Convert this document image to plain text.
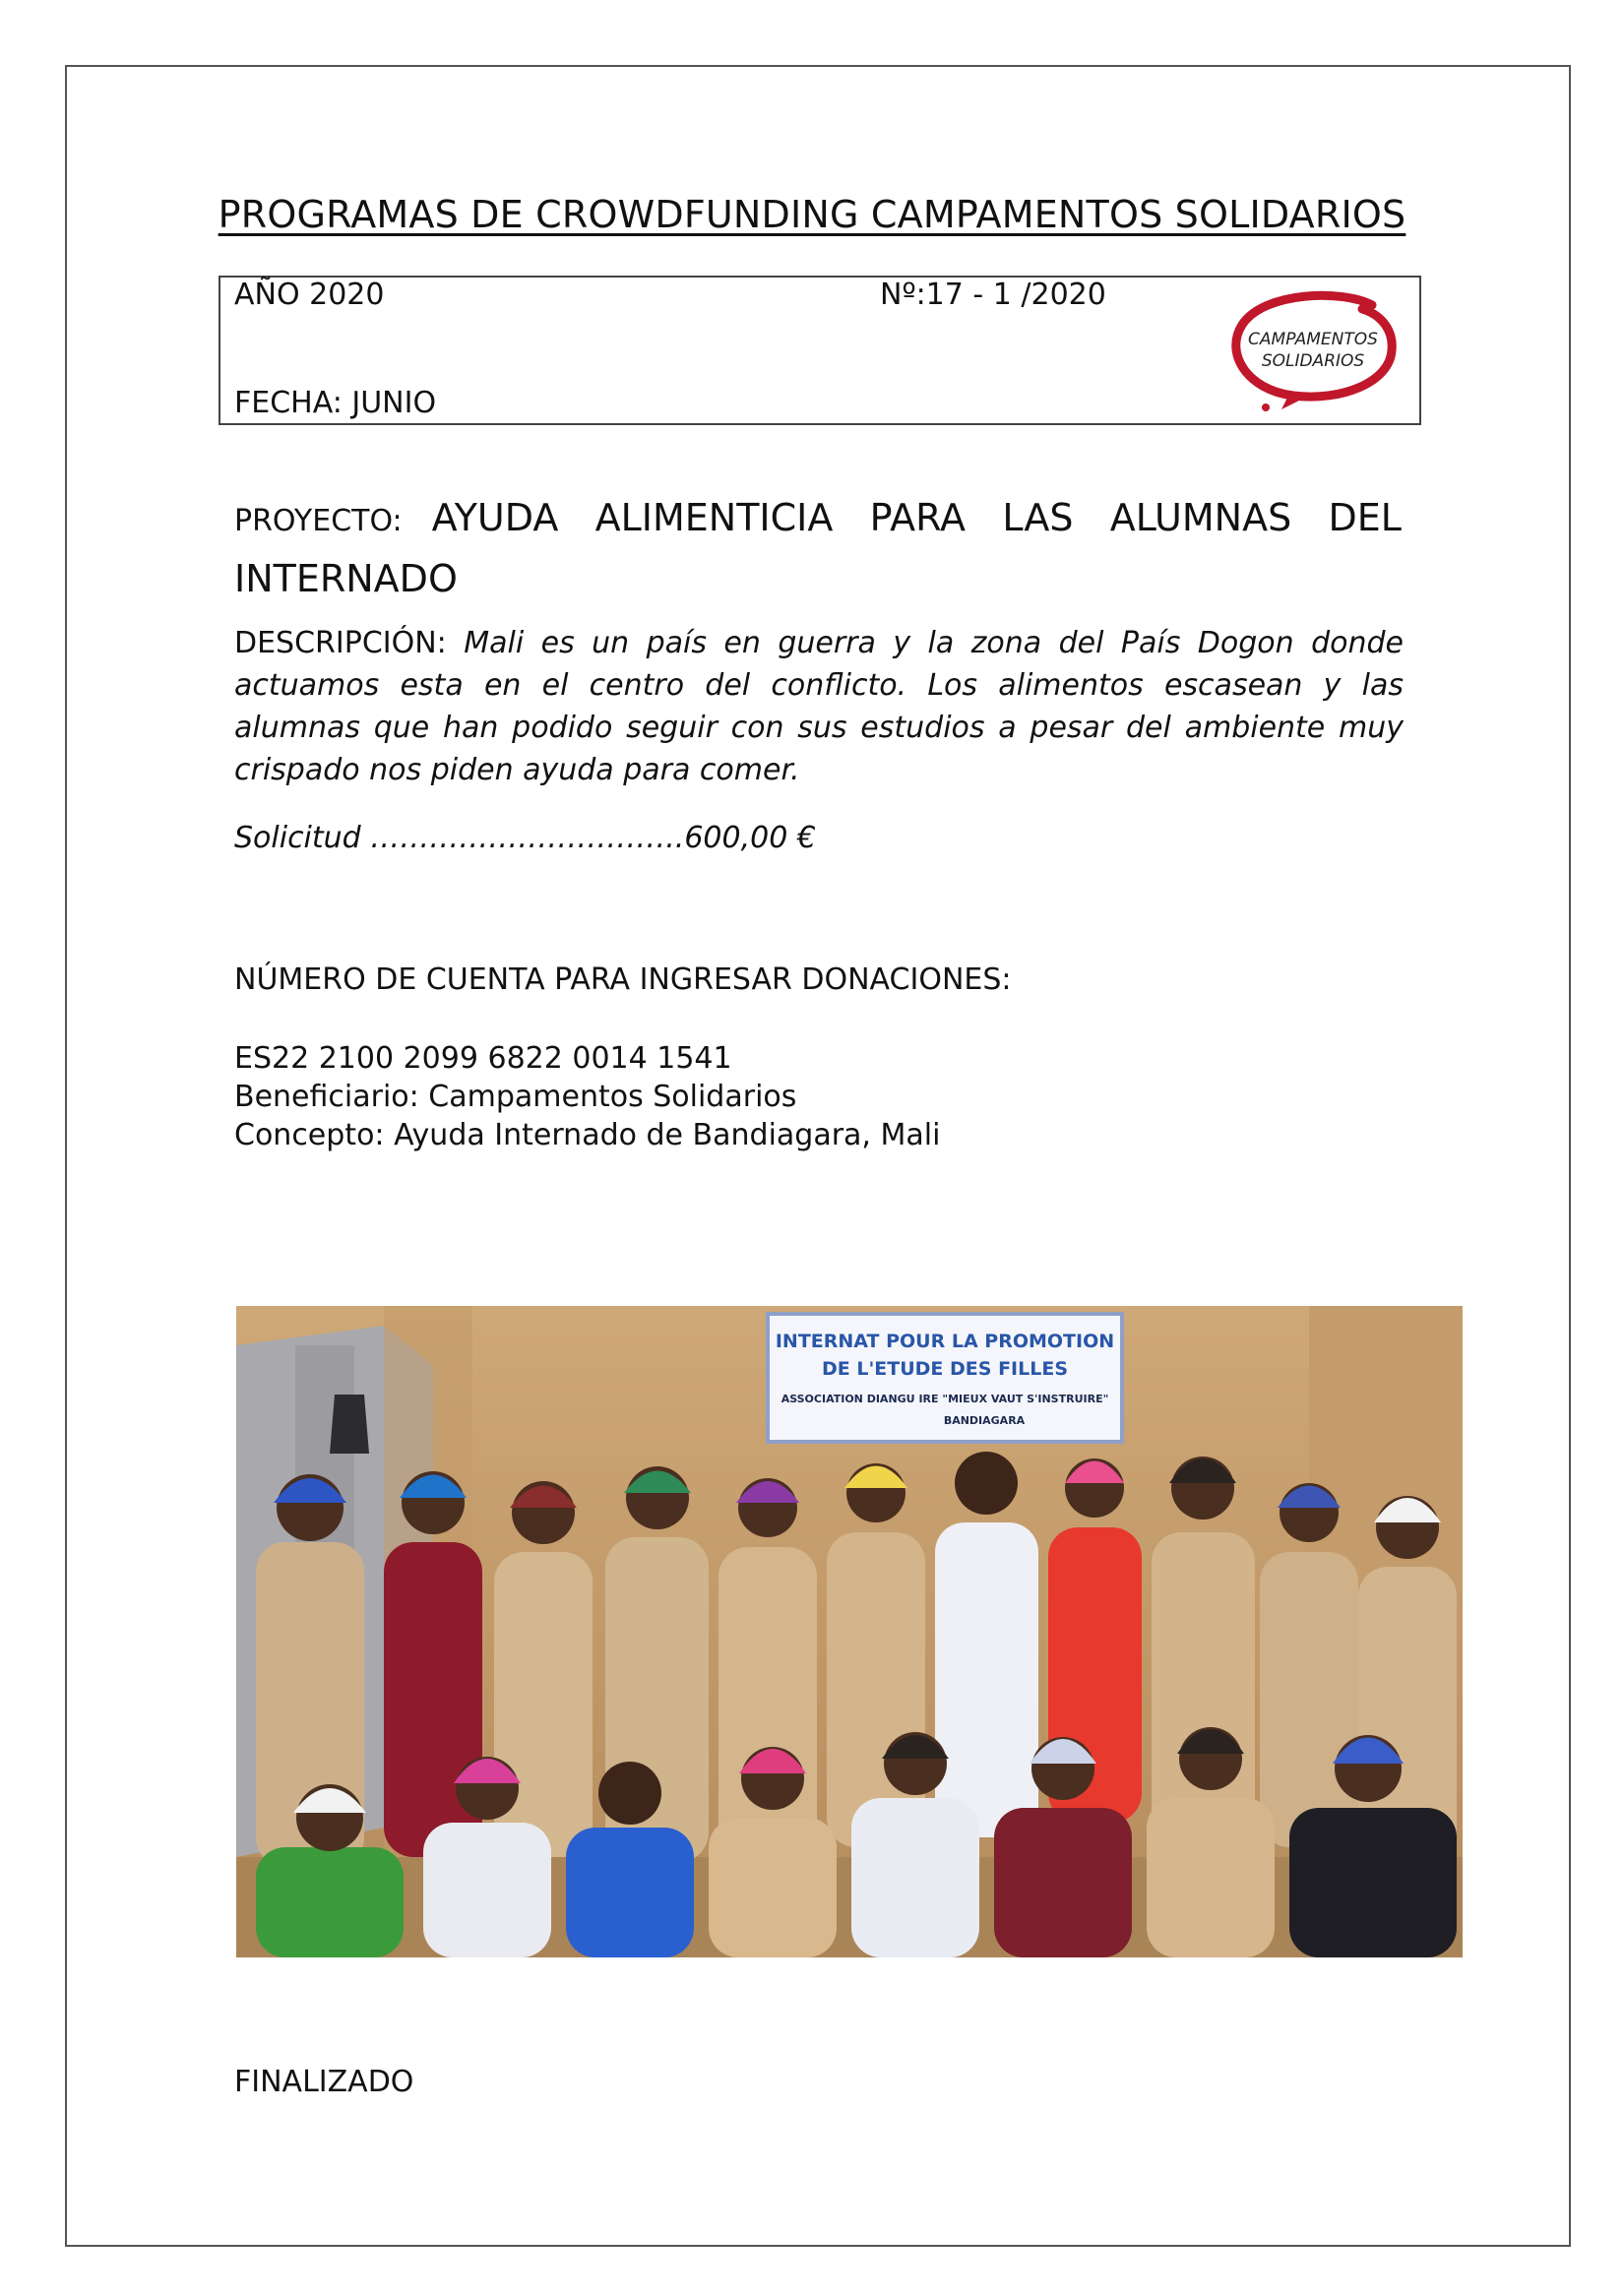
PROGRAMAS DE CROWDFUNDING CAMPAMENTOS SOLIDARIOS
AÑO 2020	Nº:17 - 1 /2020
FECHA: JUNIO
CAMPAMENTOS
SOLIDARIOS
PROYECTO: AYUDA ALIMENTICIA PARA LAS ALUMNAS DEL
INTERNADO
DESCRIPCIÓN: Mali es un país en guerra y la zona del País Dogon donde actuamos esta en el centro del conflicto. Los alimentos escasean y las alumnas que han podido seguir con sus estudios a pesar del ambiente muy crispado nos piden ayuda para comer.
Solicitud …………………………..600,00 €
NÚMERO DE CUENTA PARA INGRESAR DONACIONES:
ES22 2100 2099 6822 0014 1541
Beneficiario: Campamentos Solidarios
Concepto: Ayuda Internado de Bandiagara, Mali
INTERNAT POUR LA PROMOTION
DE L'ETUDE DES FILLES
ASSOCIATION DIANGU IRE "MIEUX VAUT S'INSTRUIRE"
BANDIAGARA
FINALIZADO
